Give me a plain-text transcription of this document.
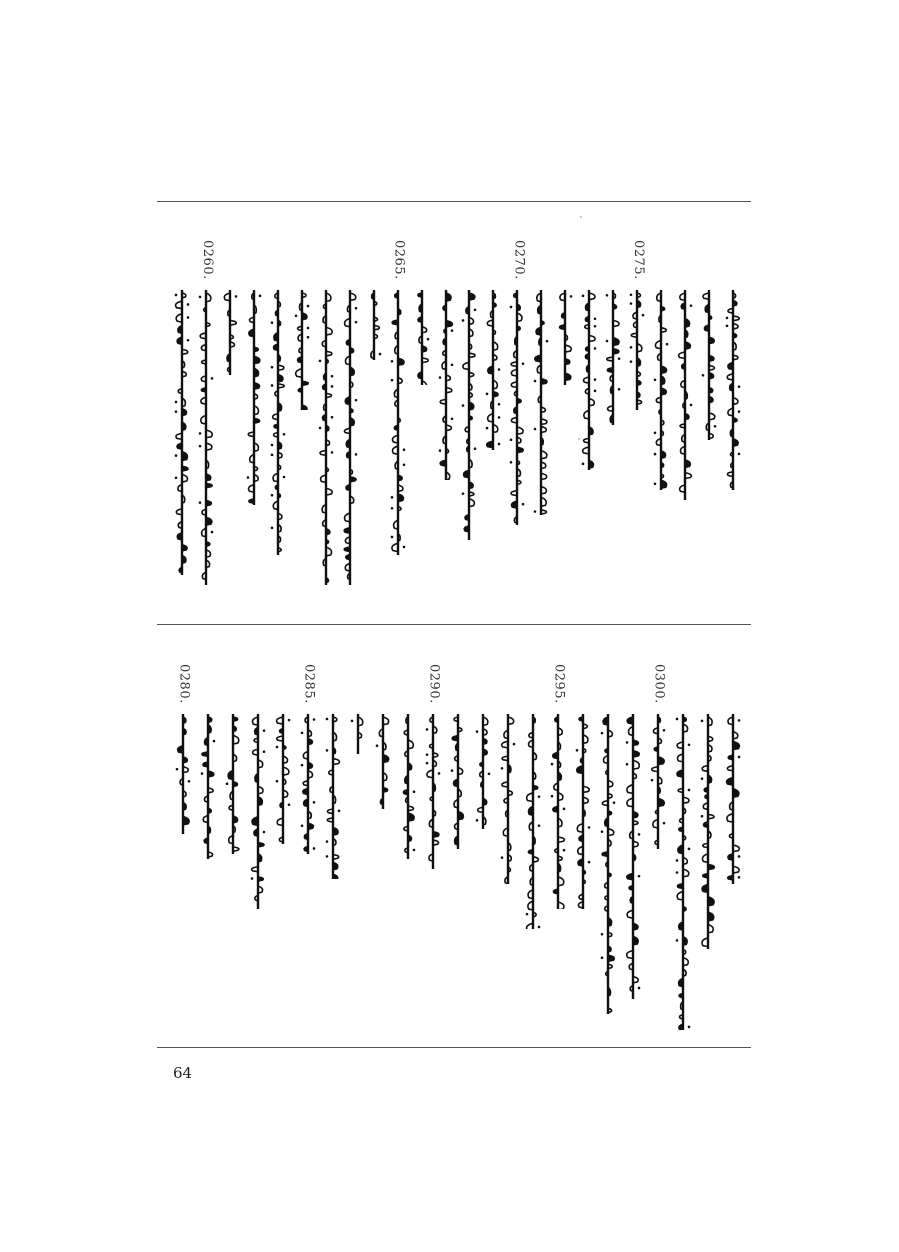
0275.
0270.
0265.
0260.
0300.
0295.
0290.
0285.
0280.
64
